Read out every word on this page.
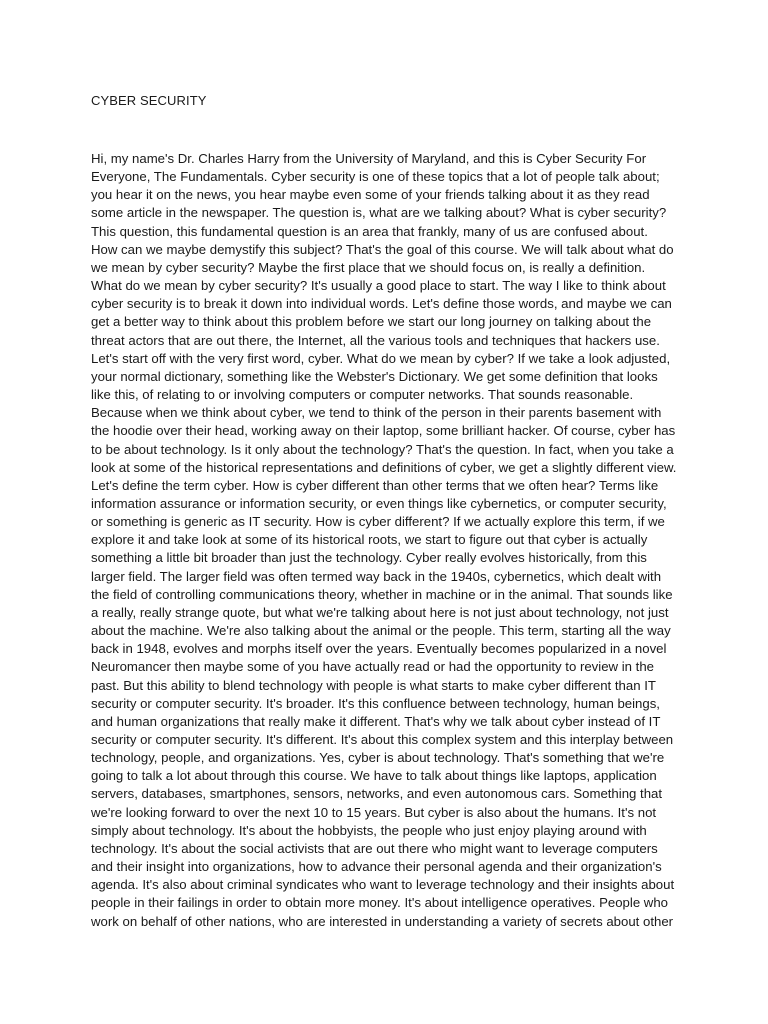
CYBER SECURITY
Hi, my name's Dr. Charles Harry from the University of Maryland, and this is Cyber Security For
Everyone, The Fundamentals. Cyber security is one of these topics that a lot of people talk about;
you hear it on the news, you hear maybe even some of your friends talking about it as they read
some article in the newspaper. The question is, what are we talking about? What is cyber security?
This question, this fundamental question is an area that frankly, many of us are confused about.
How can we maybe demystify this subject? That's the goal of this course. We will talk about what do
we mean by cyber security? Maybe the first place that we should focus on, is really a definition.
What do we mean by cyber security? It's usually a good place to start. The way I like to think about
cyber security is to break it down into individual words. Let's define those words, and maybe we can
get a better way to think about this problem before we start our long journey on talking about the
threat actors that are out there, the Internet, all the various tools and techniques that hackers use.
Let's start off with the very first word, cyber. What do we mean by cyber? If we take a look adjusted,
your normal dictionary, something like the Webster's Dictionary. We get some definition that looks
like this, of relating to or involving computers or computer networks. That sounds reasonable.
Because when we think about cyber, we tend to think of the person in their parents basement with
the hoodie over their head, working away on their laptop, some brilliant hacker. Of course, cyber has
to be about technology. Is it only about the technology? That's the question. In fact, when you take a
look at some of the historical representations and definitions of cyber, we get a slightly different view.
Let's define the term cyber. How is cyber different than other terms that we often hear? Terms like
information assurance or information security, or even things like cybernetics, or computer security,
or something is generic as IT security. How is cyber different? If we actually explore this term, if we
explore it and take look at some of its historical roots, we start to figure out that cyber is actually
something a little bit broader than just the technology. Cyber really evolves historically, from this
larger field. The larger field was often termed way back in the 1940s, cybernetics, which dealt with
the field of controlling communications theory, whether in machine or in the animal. That sounds like
a really, really strange quote, but what we're talking about here is not just about technology, not just
about the machine. We're also talking about the animal or the people. This term, starting all the way
back in 1948, evolves and morphs itself over the years. Eventually becomes popularized in a novel
Neuromancer then maybe some of you have actually read or had the opportunity to review in the
past. But this ability to blend technology with people is what starts to make cyber different than IT
security or computer security. It's broader. It's this confluence between technology, human beings,
and human organizations that really make it different. That's why we talk about cyber instead of IT
security or computer security. It's different. It's about this complex system and this interplay between
technology, people, and organizations. Yes, cyber is about technology. That's something that we're
going to talk a lot about through this course. We have to talk about things like laptops, application
servers, databases, smartphones, sensors, networks, and even autonomous cars. Something that
we're looking forward to over the next 10 to 15 years. But cyber is also about the humans. It's not
simply about technology. It's about the hobbyists, the people who just enjoy playing around with
technology. It's about the social activists that are out there who might want to leverage computers
and their insight into organizations, how to advance their personal agenda and their organization's
agenda. It's also about criminal syndicates who want to leverage technology and their insights about
people in their failings in order to obtain more money. It's about intelligence operatives. People who
work on behalf of other nations, who are interested in understanding a variety of secrets about other
